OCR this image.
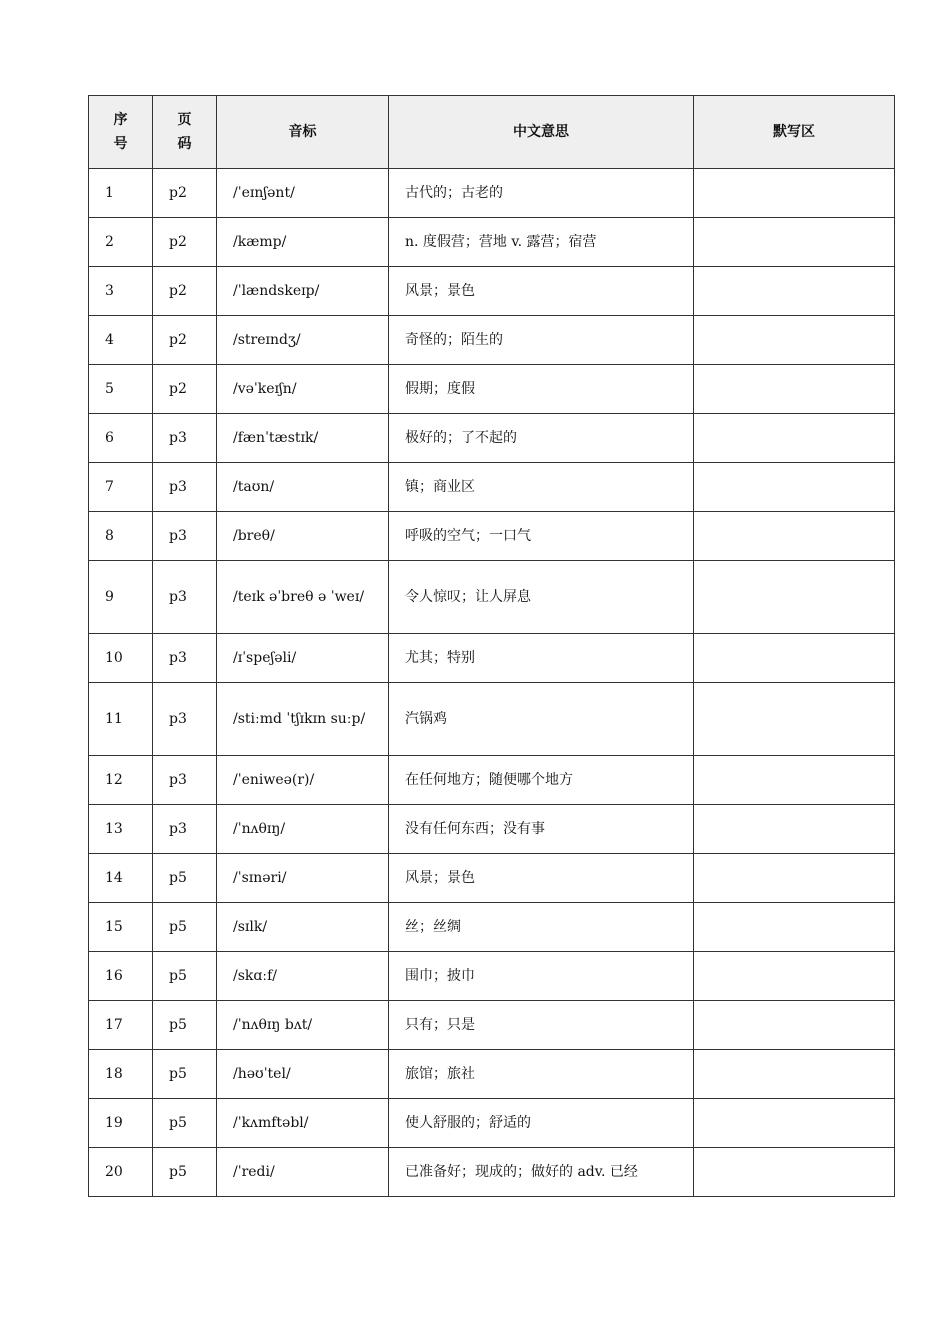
序号	页码	音标	中文意思	默写区
1	p2	/ˈeɪnʃənt/	古代的；古老的	
2	p2	/kæmp/	n. 度假营；营地 v. 露营；宿营	
3	p2	/ˈlændskeɪp/	风景；景色	
4	p2	/streɪndʒ/	奇怪的；陌生的	
5	p2	/vəˈkeɪʃn/	假期；度假	
6	p3	/fænˈtæstɪk/	极好的；了不起的	
7	p3	/taʊn/	镇；商业区	
8	p3	/breθ/	呼吸的空气；一口气	
9	p3	/teɪk əˈbreθ ə ˈweɪ/	令人惊叹；让人屏息	
10	p3	/ɪˈspeʃəli/	尤其；特别	
11	p3	/stiːmd ˈtʃɪkɪn suːp/	汽锅鸡	
12	p3	/ˈeniweə(r)/	在任何地方；随便哪个地方	
13	p3	/ˈnʌθɪŋ/	没有任何东西；没有事	
14	p5	/ˈsɪnəri/	风景；景色	
15	p5	/sɪlk/	丝；丝绸	
16	p5	/skɑːf/	围巾；披巾	
17	p5	/ˈnʌθɪŋ bʌt/	只有；只是	
18	p5	/həʊˈtel/	旅馆；旅社	
19	p5	/ˈkʌmftəbl/	使人舒服的；舒适的	
20	p5	/ˈredi/	已准备好；现成的；做好的 adv. 已经	
